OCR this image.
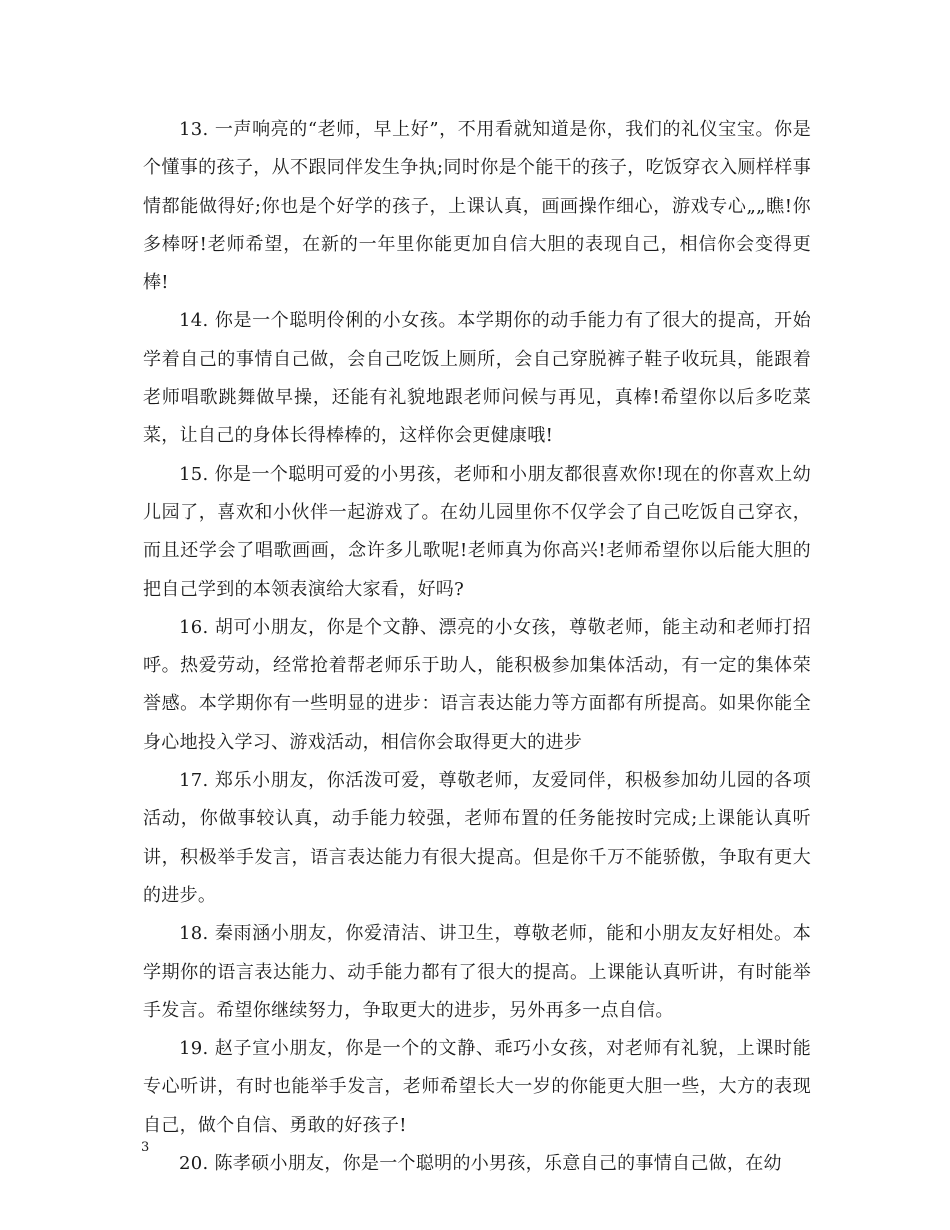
13. 一声响亮的“老师，早上好”，不用看就知道是你，我们的礼仪宝宝。你是个懂事的孩子，从不跟同伴发生争执;同时你是个能干的孩子，吃饭穿衣入厕样样事情都能做得好;你也是个好学的孩子，上课认真，画画操作细心，游戏专心„„瞧!你多棒呀!老师希望，在新的一年里你能更加自信大胆的表现自己，相信你会变得更棒!

14. 你是一个聪明伶俐的小女孩。本学期你的动手能力有了很大的提高，开始学着自己的事情自己做，会自己吃饭上厕所，会自己穿脱裤子鞋子收玩具，能跟着老师唱歌跳舞做早操，还能有礼貌地跟老师问候与再见，真棒!希望你以后多吃菜菜，让自己的身体长得棒棒的，这样你会更健康哦!

15. 你是一个聪明可爱的小男孩，老师和小朋友都很喜欢你!现在的你喜欢上幼儿园了，喜欢和小伙伴一起游戏了。在幼儿园里你不仅学会了自己吃饭自己穿衣，而且还学会了唱歌画画，念许多儿歌呢!老师真为你高兴!老师希望你以后能大胆的把自己学到的本领表演给大家看，好吗?

16. 胡可小朋友，你是个文静、漂亮的小女孩，尊敬老师，能主动和老师打招呼。热爱劳动，经常抢着帮老师乐于助人，能积极参加集体活动，有一定的集体荣誉感。本学期你有一些明显的进步：语言表达能力等方面都有所提高。如果你能全身心地投入学习、游戏活动，相信你会取得更大的进步

17. 郑乐小朋友，你活泼可爱，尊敬老师，友爱同伴，积极参加幼儿园的各项活动，你做事较认真，动手能力较强，老师布置的任务能按时完成;上课能认真听讲，积极举手发言，语言表达能力有很大提高。但是你千万不能骄傲，争取有更大的进步。

18. 秦雨涵小朋友，你爱清洁、讲卫生，尊敬老师，能和小朋友友好相处。本学期你的语言表达能力、动手能力都有了很大的提高。上课能认真听讲，有时能举手发言。希望你继续努力，争取更大的进步，另外再多一点自信。

19. 赵子宣小朋友，你是一个的文静、乖巧小女孩，对老师有礼貌，上课时能专心听讲，有时也能举手发言，老师希望长大一岁的你能更大胆一些，大方的表现自己，做个自信、勇敢的好孩子!

20. 陈孝硕小朋友，你是一个聪明的小男孩，乐意自己的事情自己做，在幼

3
